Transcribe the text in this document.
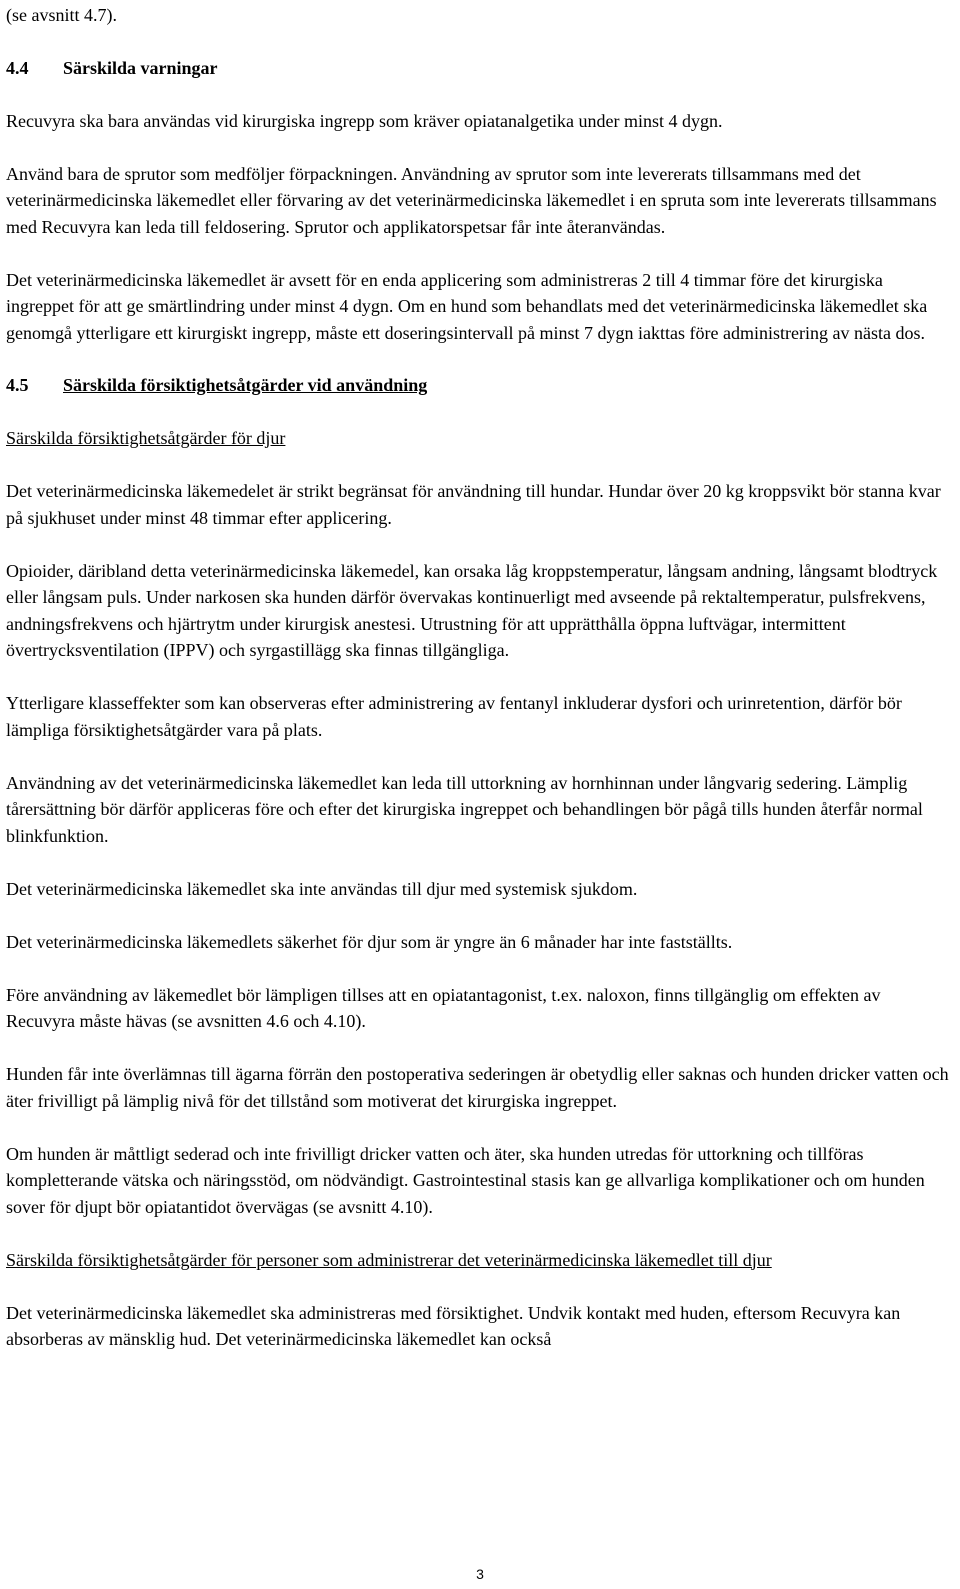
(se avsnitt 4.7).

4.4 Särskilda varningar

Recuvyra ska bara användas vid kirurgiska ingrepp som kräver opiatanalgetika under minst 4 dygn.

Använd bara de sprutor som medföljer förpackningen. Användning av sprutor som inte levererats tillsammans med det veterinärmedicinska läkemedlet eller förvaring av det veterinärmedicinska läkemedlet i en spruta som inte levererats tillsammans med Recuvyra kan leda till feldosering. Sprutor och applikatorspetsar får inte återanvändas.

Det veterinärmedicinska läkemedlet är avsett för en enda applicering som administreras 2 till 4 timmar före det kirurgiska ingreppet för att ge smärtlindring under minst 4 dygn. Om en hund som behandlats med det veterinärmedicinska läkemedlet ska genomgå ytterligare ett kirurgiskt ingrepp, måste ett doseringsintervall på minst 7 dygn iakttas före administrering av nästa dos.

4.5 Särskilda försiktighetsåtgärder vid användning

Särskilda försiktighetsåtgärder för djur

Det veterinärmedicinska läkemedelet är strikt begränsat för användning till hundar. Hundar över 20 kg kroppsvikt bör stanna kvar på sjukhuset under minst 48 timmar efter applicering.

Opioider, däribland detta veterinärmedicinska läkemedel, kan orsaka låg kroppstemperatur, långsam andning, långsamt blodtryck eller långsam puls. Under narkosen ska hunden därför övervakas kontinuerligt med avseende på rektaltemperatur, pulsfrekvens, andningsfrekvens och hjärtrytm under kirurgisk anestesi. Utrustning för att upprätthålla öppna luftvägar, intermittent övertrycksventilation (IPPV) och syrgastillägg ska finnas tillgängliga.

Ytterligare klasseffekter som kan observeras efter administrering av fentanyl inkluderar dysfori och urinretention, därför bör lämpliga försiktighetsåtgärder vara på plats.

Användning av det veterinärmedicinska läkemedlet kan leda till uttorkning av hornhinnan under långvarig sedering. Lämplig tårersättning bör därför appliceras före och efter det kirurgiska ingreppet och behandlingen bör pågå tills hunden återfår normal blinkfunktion.

Det veterinärmedicinska läkemedlet ska inte användas till djur med systemisk sjukdom.

Det veterinärmedicinska läkemedlets säkerhet för djur som är yngre än 6 månader har inte fastställts.

Före användning av läkemedlet bör lämpligen tillses att en opiatantagonist, t.ex. naloxon, finns tillgänglig om effekten av Recuvyra måste hävas (se avsnitten 4.6 och 4.10).

Hunden får inte överlämnas till ägarna förrän den postoperativa sederingen är obetydlig eller saknas och hunden dricker vatten och äter frivilligt på lämplig nivå för det tillstånd som motiverat det kirurgiska ingreppet.

Om hunden är måttligt sederad och inte frivilligt dricker vatten och äter, ska hunden utredas för uttorkning och tillföras kompletterande vätska och näringsstöd, om nödvändigt. Gastrointestinal stasis kan ge allvarliga komplikationer och om hunden sover för djupt bör opiatantidot övervägas (se avsnitt 4.10).

Särskilda försiktighetsåtgärder för personer som administrerar det veterinärmedicinska läkemedlet till djur

Det veterinärmedicinska läkemedlet ska administreras med försiktighet. Undvik kontakt med huden, eftersom Recuvyra kan absorberas av mänsklig hud. Det veterinärmedicinska läkemedlet kan också

3
